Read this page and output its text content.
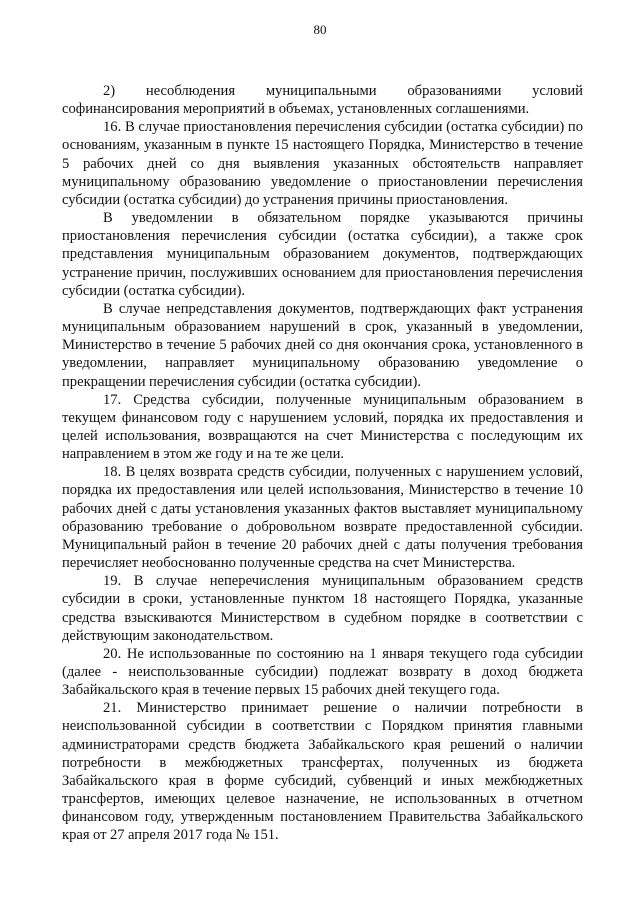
80

2) несоблюдения муниципальными образованиями условий софинансирования мероприятий в объемах, установленных соглашениями.

16. В случае приостановления перечисления субсидии (остатка субсидии) по основаниям, указанным в пункте 15 настоящего Порядка, Министерство в течение 5 рабочих дней со дня выявления указанных обстоятельств направляет муниципальному образованию уведомление о приостановлении перечисления субсидии (остатка субсидии) до устранения причины приостановления.

В уведомлении в обязательном порядке указываются причины приостановления перечисления субсидии (остатка субсидии), а также срок представления муниципальным образованием документов, подтверждающих устранение причин, послуживших основанием для приостановления перечисления субсидии (остатка субсидии).

В случае непредставления документов, подтверждающих факт устранения муниципальным образованием нарушений в срок, указанный в уведомлении, Министерство в течение 5 рабочих дней со дня окончания срока, установленного в уведомлении, направляет муниципальному образованию уведомление о прекращении перечисления субсидии (остатка субсидии).

17. Средства субсидии, полученные муниципальным образованием в текущем финансовом году с нарушением условий, порядка их предоставления и целей использования, возвращаются на счет Министерства с последующим их направлением в этом же году и на те же цели.

18. В целях возврата средств субсидии, полученных с нарушением условий, порядка их предоставления или целей использования, Министерство в течение 10 рабочих дней с даты установления указанных фактов выставляет муниципальному образованию требование о добровольном возврате предоставленной субсидии. Муниципальный район в течение 20 рабочих дней с даты получения требования перечисляет необоснованно полученные средства на счет Министерства.

19. В случае неперечисления муниципальным образованием средств субсидии в сроки, установленные пунктом 18 настоящего Порядка, указанные средства взыскиваются Министерством в судебном порядке в соответствии с действующим законодательством.

20. Не использованные по состоянию на 1 января текущего года субсидии (далее - неиспользованные субсидии) подлежат возврату в доход бюджета Забайкальского края в течение первых 15 рабочих дней текущего года.

21. Министерство принимает решение о наличии потребности в неиспользованной субсидии в соответствии с Порядком принятия главными администраторами средств бюджета Забайкальского края решений о наличии потребности в межбюджетных трансфертах, полученных из бюджета Забайкальского края в форме субсидий, субвенций и иных межбюджетных трансфертов, имеющих целевое назначение, не использованных в отчетном финансовом году, утвержденным постановлением Правительства Забайкальского края от 27 апреля 2017 года № 151.
